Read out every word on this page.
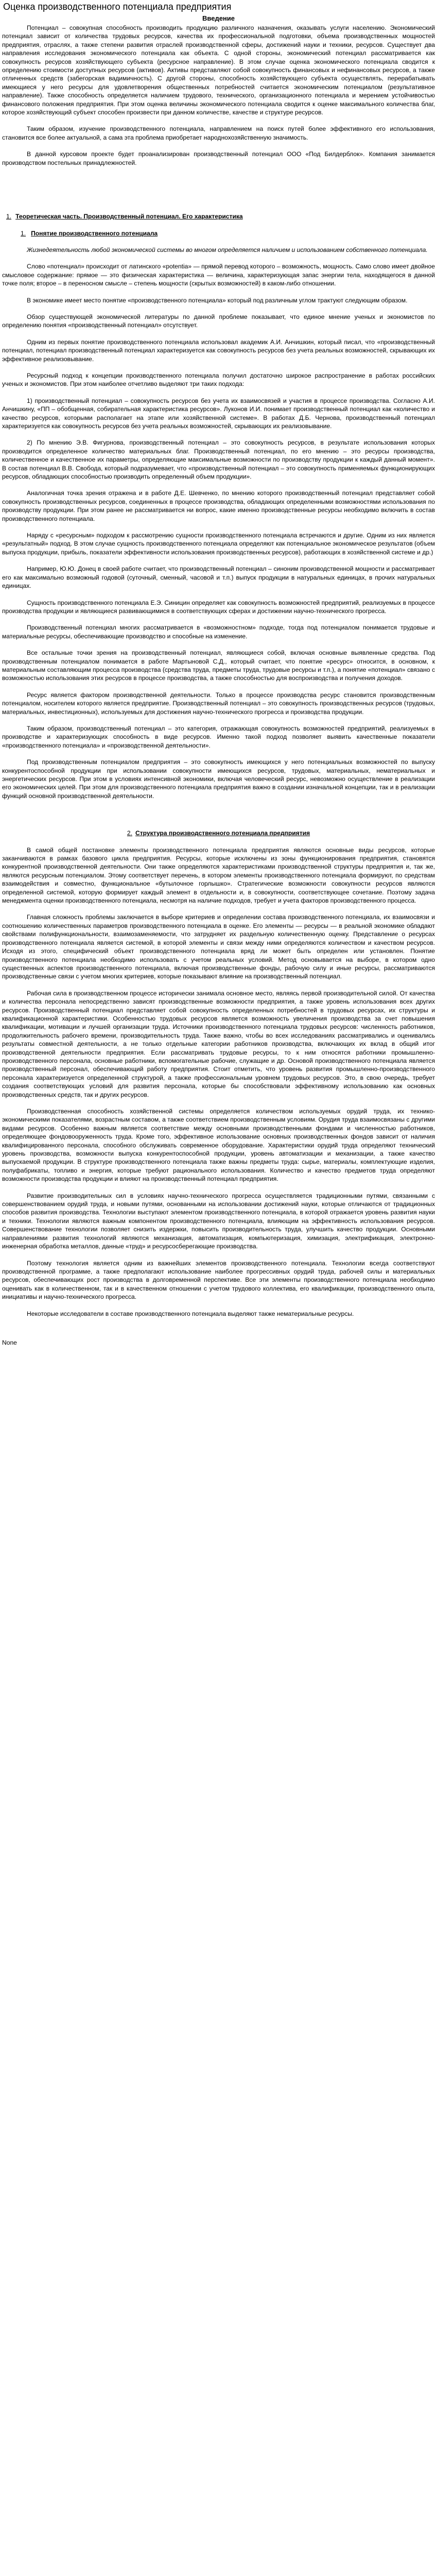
Оценка производственного потенциала предприятия
Введение

Потенциал – совокупная способность производить продукцию различного назначения, оказывать услуги населению. Экономический потенциал зависит от количества трудовых ресурсов, качества их профессиональной подготовки, объема производственных мощностей предприятия, отраслях, а также степени развития отраслей производственной сферы, достижений науки и техники, ресурсов. Существует два направления исследования экономического потенциала как объекта. С одной стороны, экономический потенциал рассматривается как совокупность ресурсов хозяйствующего субъекта (ресурсное направление). В этом случае оценка экономического потенциала сводится к определению стоимости доступных ресурсов (активов). Активы представляют собой совокупность финансовых и нефинансовых ресурсов, а также отличенных средств (забегорская вадимичность). С другой стороны, способность хозяйствующего субъекта осуществлять, перерабатывать имеющиеся у него ресурсы для удовлетворения общественных потребностей считается экономическим потенциалом (результативное направление). Также способность определяется наличием трудового, технического, организационного потенциала и мерением устойчивостью финансового положения предприятия. При этом оценка величины экономического потенциала сводится к оценке максимального количества благ, которое хозяйствующий субъект способен произвести при данном количестве, качестве и структуре ресурсов.

Таким образом, изучение производственного потенциала, направлением на поиск путей более эффективного его использования, становится все более актуальной, а сама эта проблема приобретает народнохозяйственную значимость.

В данной курсовом проекте будет проанализирован производственный потенциал ООО «Под Билдерблок». Компания занимается производством постельных принадлежностей.

1. Теоретическая часть. Производственный потенциал. Его характеристика
1. Понятие производственного потенциала

Жизнедеятельность любой экономической системы во многом определяется наличием и использованием собственного потенциала.

Слово «потенциал» происходит от латинского «potentia» — прямой перевод которого – возможность, мощность. Само слово имеет двойное смысловое содержание: прямое — это физическая характеристика — величина, характеризующая запас энергии тела, находящегося в данной точке поля; второе – в переносном смысле – степень мощности (скрытых возможностей) в каком-либо отношении.

В экономике имеет место понятие «производственного потенциала» который под различным углом трактуют следующим образом.

Обзор существующей экономической литературы по данной проблеме показывает, что единое мнение ученых и экономистов по определению понятия «производственный потенциал» отсутствует.

Одним из первых понятие производственного потенциала использовал академик А.И. Анчишкин, который писал, что «производственный потенциал, потенциал производственный потенциал характеризуется как совокупность ресурсов без учета реальных возможностей, скрывающих их эффективное реализовывание.

Ресурсный подход к концепции производственного потенциала получил достаточно широкое распространение в работах российских ученых и экономистов. При этом наиболее отчетливо выделяют три таких подхода:

1) производственный потенциал – совокупность ресурсов без учета их взаимосвязей и участия в процессе производства. Согласно А.И. Анчишкину, «ПП – обобщенная, собирательная характеристика ресурсов». Луконов И.И. понимает производственный потенциал как «количество и качество ресурсов, которыми располагает на этапе или хозяйственной системе». В работах Д.Б. Чернова, производственный потенциал характеризуется как совокупность ресурсов без учета реальных возможностей, скрывающих их реализовывание.

2) По мнению Э.В. Фигурнова, производственный потенциал – это совокупность ресурсов, в результате использования которых производится определенное количество материальных благ. Производственный потенциал, по его мнению – это ресурсы производства, количественное и качественное их параметры, определяющие максимальные возможности по производству продукции к каждый данный момент». В состав потенциал В.В. Свобода, который подразумевает, что «производственный потенциал – это совокупность применяемых функционирующих ресурсов, обладающих способностью производить определенный объем продукции».

Аналогичная точка зрения отражена и в работе Д.Е. Шевченко, по мнению которого производственный потенциал представляет собой совокупность производственных ресурсов, соединенных в процессе производства, обладающих определенными возможностями использования по производству продукции. При этом ранее не рассматривается ни вопрос, какие именно производственные ресурсы необходимо включить в состав производственного потенциала.

Наряду с «ресурсным» подходом к рассмотрению сущности производственного потенциала встречаются и другие. Одним из них является «результатный» подход. В этом случае сущность производственного потенциала определяют как потенциальное экономическое результатов (объем выпуска продукции, прибыль, показатели эффективности использования производственных ресурсов), работающих в хозяйственной системе и др.)

Например, Ю.Ю. Донец в своей работе считает, что производственный потенциал – синоним производственной мощности и рассматривает его как максимально возможный годовой (суточный, сменный, часовой и т.п.) выпуск продукции в натуральных единицах, в прочих натуральных единицах.

Сущность производственного потенциала Е.Э. Синицин определяет как совокупность возможностей предприятий, реализуемых в процессе производства продукции и являющиеся развивающимися в соответствующих сферах и достижении научно-технического прогресса.

Производственный потенциал многих рассматривается в «возможностном» подходе, тогда под потенциалом понимается трудовые и материальные ресурсы, обеспечивающие производство и способные на изменение.

Все остальные точки зрения на производственный потенциал, являющиеся собой, включая основные выявленные средства. Под производственным потенциалом понимается в работе Мартыновой С.Д., который считает, что понятие «ресурс» относится, в основном, к материальным составляющим процесса производства (средства труда, предметы труда, трудовые ресурсы и т.п.), а понятие «потенциал» связано с возможностью использования этих ресурсов в процессе производства, а также способностью для воспроизводства и получения доходов.

Ресурс является фактором производственной деятельности. Только в процессе производства ресурс становится производственным потенциалом, носителем которого является предприятие. Производственный потенциал – это совокупность производственных ресурсов (трудовых, материальных, инвестиционных), используемых для достижения научно-технического прогресса и производства продукции.

Таким образом, производственный потенциал – это категория, отражающая совокупность возможностей предприятий, реализуемых в производстве и характеризующих способность в виде ресурсов. Именно такой подход позволяет выявить качественные показатели «производственного потенциала» и «производственной деятельности».

Под производственным потенциалом предприятия – это совокупность имеющихся у него потенциальных возможностей по выпуску конкурентоспособной продукции при использовании совокупности имеющихся ресурсов, трудовых, материальных, нематериальных и энергетических ресурсов. При этом в условиях интенсивной экономики, включая человеческий ресурс, невозможно осуществление в реализации его экономических целей. При этом для производственного потенциала предприятия важно в создании изначальной концепции, так и в реализации функций основной производственной деятельности.

2. Структура производственного потенциала предприятия

В самой общей постановке элементы производственного потенциала предприятия являются основные виды ресурсов, которые заканчиваются в рамках базового цикла предприятия. Ресурсы, которые исключены из зоны функционирования предприятия, становятся конкурентной производственной деятельности. Они также определяются характеристиками производственной структуры предприятия и, так же, являются ресурсным потенциалом. Этому соответствует перечень, в котором элементы производственного потенциала формируют, по средствам взаимодействия и совместно, функциональное «бутылочное горлышко». Стратегические возможности совокупности ресурсов являются определенной системой, которую формирует каждый элемент в отдельности и, в совокупности, соответствующее сочетание. Поэтому задача менеджмента оценки производственного потенциала, несмотря на наличие подходов, требует и учета факторов производственного процесса.

Главная сложность проблемы заключается в выборе критериев и определении состава производственного потенциала, их взаимосвязи и соотношению количественных параметров производственного потенциала в оценке. Его элементы — ресурсы — в реальной экономике обладают свойствами полифункциональности, взаимозаменяемости, что затрудняет их раздельную количественную оценку. Представление о ресурсах производственного потенциала является системой, в которой элементы и связи между ними определяются количеством и качеством ресурсов. Исходя из этого, специфический объект производственного потенциала вряд ли может быть определен или установлен. Понятие производственного потенциала необходимо использовать с учетом реальных условий. Метод основывается на выборе, в котором одно существенных аспектов производственного потенциала, включая производственные фонды, рабочую силу и иные ресурсы, рассматриваются производственные связи с учетом многих критериев, которые показывают влияние на производственный потенциал.

Рабочая сила в производственном процессе исторически занимала основное место, являясь первой производительной силой. От качества и количества персонала непосредственно зависят производственные возможности предприятия, а также уровень использования всех других ресурсов. Производственный потенциал представляет собой совокупность определенных потребностей в трудовых ресурсах, их структуры и квалификационной характеристики. Особенностью трудовых ресурсов является возможность увеличения производства за счет повышения квалификации, мотивации и лучшей организации труда. Источники производственного потенциала трудовых ресурсов: численность работников, продолжительность рабочего времени, производительность труда. Также важно, чтобы во всех исследованиях рассматривались и оценивались результаты совместной деятельности, а не только отдельные категории работников производства, включающих их вклад в общий итог производственной деятельности предприятия. Если рассматривать трудовые ресурсы, то к ним относятся работники промышленно-производственного персонала, основные работники, вспомогательные рабочие, служащие и др. Основой производственного потенциала является производственный персонал, обеспечивающий работу предприятия. Стоит отметить, что уровень развития промышленно-производственного персонала характеризуется определенной структурой, а также профессиональным уровнем трудовых ресурсов. Это, в свою очередь, требует создания соответствующих условий для развития персонала, которые бы способствовали эффективному использованию как основных производственных средств, так и других ресурсов.

Производственная способность хозяйственной системы определяется количеством используемых орудий труда, их технико-экономическими показателями, возрастным составом, а также соответствием производственным условиям. Орудия труда взаимосвязаны с другими видами ресурсов. Особенно важным является соответствие между основными производственными фондами и численностью работников, определяющее фондовооруженность труда. Кроме того, эффективное использование основных производственных фондов зависит от наличия квалифицированного персонала, способного обслуживать современное оборудование. Характеристики орудий труда определяют технический уровень производства, возможности выпуска конкурентоспособной продукции, уровень автоматизации и механизации, а также качество выпускаемой продукции. В структуре производственного потенциала также важны предметы труда: сырье, материалы, комплектующие изделия, полуфабрикаты, топливо и энергия, которые требуют рационального использования. Количество и качество предметов труда определяют возможности производства продукции и влияют на производственный потенциал предприятия.

Развитие производительных сил в условиях научно-технического прогресса осуществляется традиционными путями, связанными с совершенствованием орудий труда, и новыми путями, основанными на использовании достижений науки, которые отличаются от традиционных способов развития производства. Технологии выступают элементом производственного потенциала, в которой отражается уровень развития науки и техники. Технологии являются важным компонентом производственного потенциала, влияющим на эффективность использования ресурсов. Совершенствование технологии позволяет снизить издержки, повысить производительность труда, улучшить качество продукции. Основными направлениями развития технологий являются механизация, автоматизация, компьютеризация, химизация, электрификация, электронно-инженерная обработка металлов, данные «труд» и ресурсосберегающие производства.

Поэтому технология является одним из важнейших элементов производственного потенциала. Технологии всегда соответствуют производственной программе, а также предполагают использование наиболее прогрессивных орудий труда, рабочей силы и материальных ресурсов, обеспечивающих рост производства в долговременной перспективе. Все эти элементы производственного потенциала необходимо оценивать как в количественном, так и в качественном отношении с учетом трудового коллектива, его квалификации, производственного опыта, инициативы и научно-технического прогресса.

Некоторые исследователи в составе производственного потенциала выделяют также нематериальные ресурсы.

None
